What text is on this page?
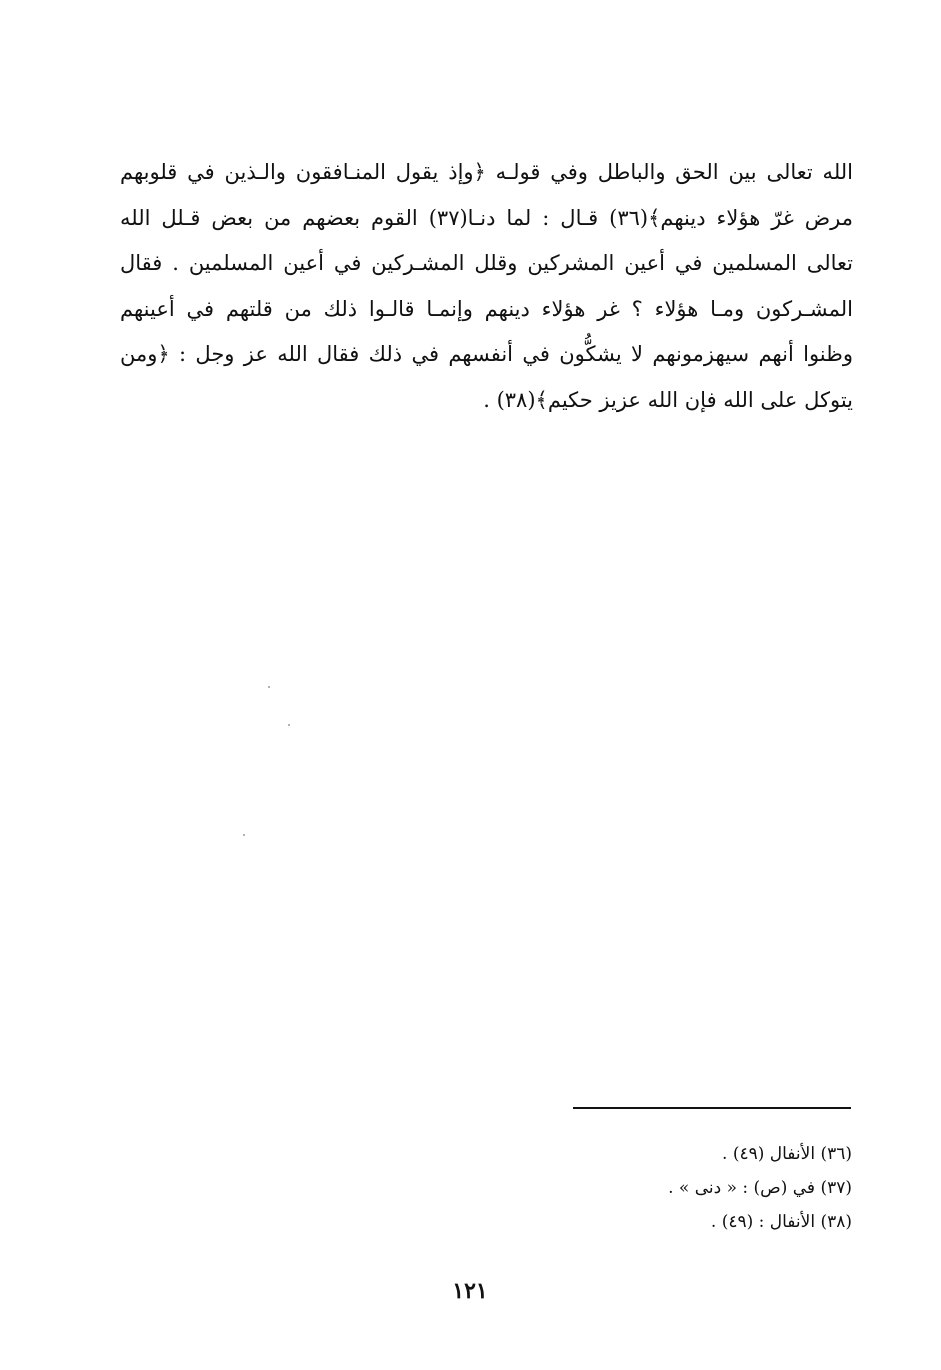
الله تعالى بين الحق والباطل وفي قولـه ﴿وإذ يقول المنـافقون والـذين في قلوبهم
مرض غرّ هؤلاء دينهم﴾(٣٦) قـال : لما دنـا(٣٧) القوم بعضهم من بعض قـلل الله
تعالى المسلمين في أعين المشركين وقلل المشـركين في أعين المسلمين . فقال
المشـركون ومـا هؤلاء ؟ غر هؤلاء دينهم وإنمـا قالـوا ذلك من قلتهم في أعينهم
وظنوا أنهم سيهزمونهم لا يشكُّون في أنفسهم في ذلك فقال الله عز وجل : ﴿ومن
يتوكل على الله فإن الله عزيز حكيم﴾(٣٨) .
(٣٦) الأنفال (٤٩) .
(٣٧) في (ص) : « دنى » .
(٣٨) الأنفال : (٤٩) .
١٢١
